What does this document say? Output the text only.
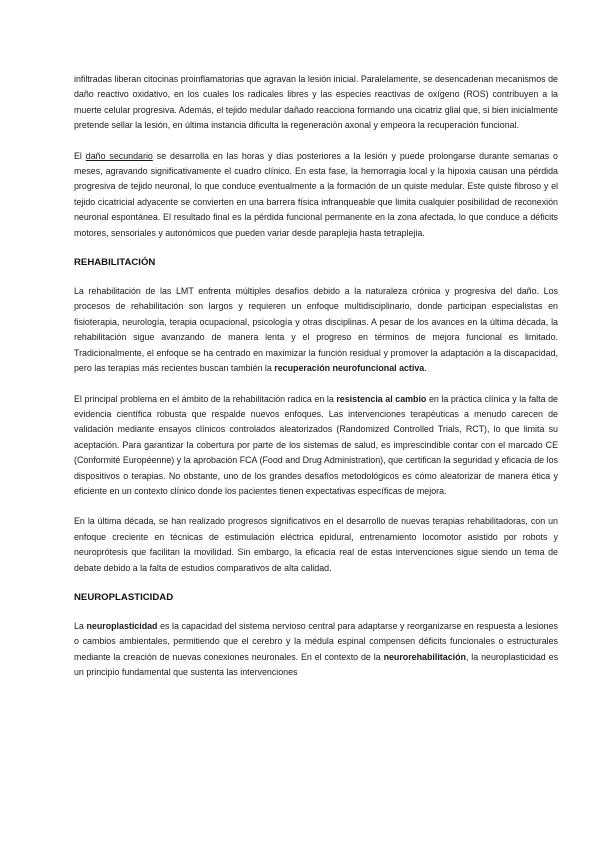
infiltradas liberan citocinas proinflamatorias que agravan la lesión inicial. Paralelamente, se desencadenan mecanismos de daño reactivo oxidativo, en los cuales los radicales libres y las especies reactivas de oxígeno (ROS) contribuyen a la muerte celular progresiva. Además, el tejido medular dañado reacciona formando una cicatriz glial que, si bien inicialmente pretende sellar la lesión, en última instancia dificulta la regeneración axonal y empeora la recuperación funcional.

El daño secundario se desarrolla en las horas y días posteriores a la lesión y puede prolongarse durante semanas o meses, agravando significativamente el cuadro clínico. En esta fase, la hemorragia local y la hipoxia causan una pérdida progresiva de tejido neuronal, lo que conduce eventualmente a la formación de un quiste medular. Este quiste fibroso y el tejido cicatricial adyacente se convierten en una barrera física infranqueable que limita cualquier posibilidad de reconexión neuronal espontánea. El resultado final es la pérdida funcional permanente en la zona afectada, lo que conduce a déficits motores, sensoriales y autonómicos que pueden variar desde paraplejia hasta tetraplejia.

REHABILITACIÓN

La rehabilitación de las LMT enfrenta múltiples desafíos debido a la naturaleza crónica y progresiva del daño. Los procesos de rehabilitación son largos y requieren un enfoque multidisciplinario, donde participan especialistas en fisioterapia, neurología, terapia ocupacional, psicología y otras disciplinas. A pesar de los avances en la última década, la rehabilitación sigue avanzando de manera lenta y el progreso en términos de mejora funcional es limitado. Tradicionalmente, el enfoque se ha centrado en maximizar la función residual y promover la adaptación a la discapacidad, pero las terapias más recientes buscan también la recuperación neurofuncional activa.

El principal problema en el ámbito de la rehabilitación radica en la resistencia al cambio en la práctica clínica y la falta de evidencia científica robusta que respalde nuevos enfoques. Las intervenciones terapéuticas a menudo carecen de validación mediante ensayos clínicos controlados aleatorizados (Randomized Controlled Trials, RCT), lo que limita su aceptación. Para garantizar la cobertura por parte de los sistemas de salud, es imprescindible contar con el marcado CE (Conformité Européenne) y la aprobación FCA (Food and Drug Administration), que certifican la seguridad y eficacia de los dispositivos o terapias. No obstante, uno de los grandes desafíos metodológicos es cómo aleatorizar de manera ética y eficiente en un contexto clínico donde los pacientes tienen expectativas específicas de mejora.

En la última década, se han realizado progresos significativos en el desarrollo de nuevas terapias rehabilitadoras, con un enfoque creciente en técnicas de estimulación eléctrica epidural, entrenamiento locomotor asistido por robots y neuroprótesis que facilitan la movilidad. Sin embargo, la eficacia real de estas intervenciones sigue siendo un tema de debate debido a la falta de estudios comparativos de alta calidad.

NEUROPLASTICIDAD

La neuroplasticidad es la capacidad del sistema nervioso central para adaptarse y reorganizarse en respuesta a lesiones o cambios ambientales, permitiendo que el cerebro y la médula espinal compensen déficits funcionales o estructurales mediante la creación de nuevas conexiones neuronales. En el contexto de la neurorehabilitación, la neuroplasticidad es un principio fundamental que sustenta las intervenciones
